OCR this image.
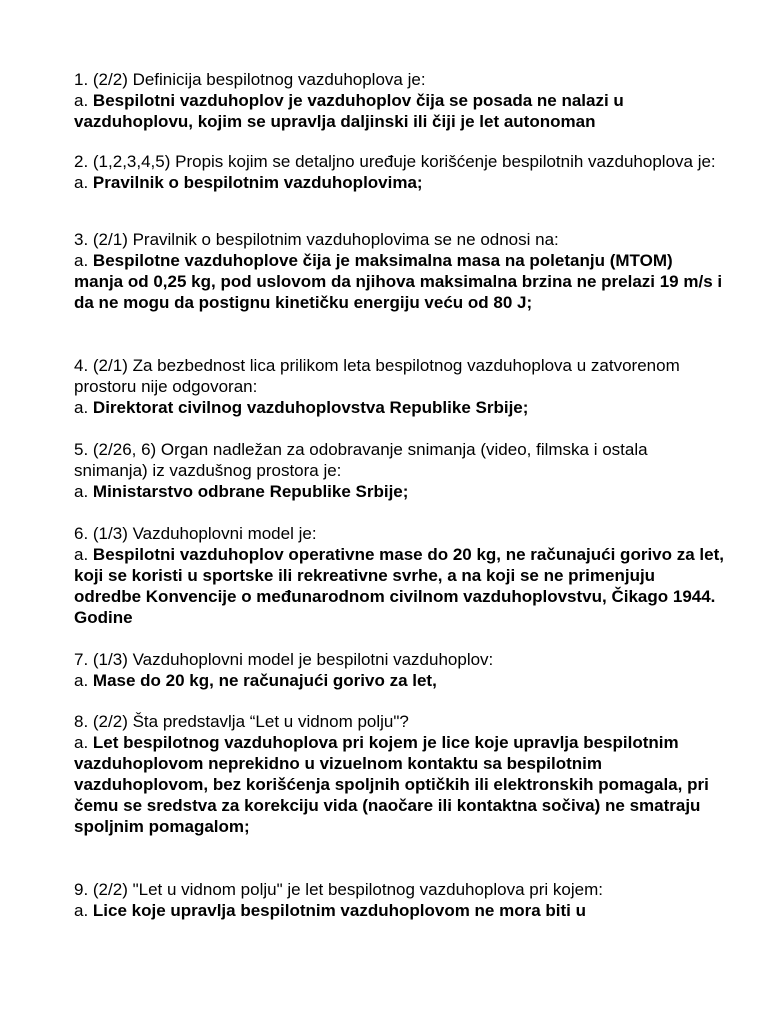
1. (2/2) Definicija bespilotnog vazduhoplova je:
a. Bespilotni vazduhoplov je vazduhoplov čija se posada ne nalazi u vazduhoplovu, kojim se upravlja daljinski ili čiji je let autonoman
2. (1,2,3,4,5) Propis kojim se detaljno uređuje korišćenje bespilotnih vazduhoplova je:
a. Pravilnik o bespilotnim vazduhoplovima;
3. (2/1) Pravilnik o bespilotnim vazduhoplovima se ne odnosi na:
a. Bespilotne vazduhoplove čija je maksimalna masa na poletanju (MTOM) manja od 0,25 kg, pod uslovom da njihova maksimalna brzina ne prelazi 19 m/s i da ne mogu da postignu kinetičku energiju veću od 80 J;
4. (2/1) Za bezbednost lica prilikom leta bespilotnog vazduhoplova u zatvorenom prostoru nije odgovoran:
a. Direktorat civilnog vazduhoplovstva Republike Srbije;
5. (2/26, 6) Organ nadležan za odobravanje snimanja (video, filmska i ostala snimanja) iz vazdušnog prostora je:
a. Ministarstvo odbrane Republike Srbije;
6. (1/3) Vazduhoplovni model je:
a. Bespilotni vazduhoplov operativne mase do 20 kg, ne računajući gorivo za let, koji se koristi u sportske ili rekreativne svrhe, a na koji se ne primenjuju odredbe Konvencije o međunarodnom civilnom vazduhoplovstvu, Čikago 1944. Godine
7. (1/3) Vazduhoplovni model je bespilotni vazduhoplov:
a. Mase do 20 kg, ne računajući gorivo za let,
8. (2/2) Šta predstavlja “Let u vidnom polju"?
a. Let bespilotnog vazduhoplova pri kojem je lice koje upravlja bespilotnim vazduhoplovom neprekidno u vizuelnom kontaktu sa bespilotnim vazduhoplovom, bez korišćenja spoljnih optičkih ili elektronskih pomagala, pri čemu se sredstva za korekciju vida (naočare ili kontaktna sočiva) ne smatraju spoljnim pomagalom;
9. (2/2) "Let u vidnom polju" je let bespilotnog vazduhoplova pri kojem:
a. Lice koje upravlja bespilotnim vazduhoplovom ne mora biti u
